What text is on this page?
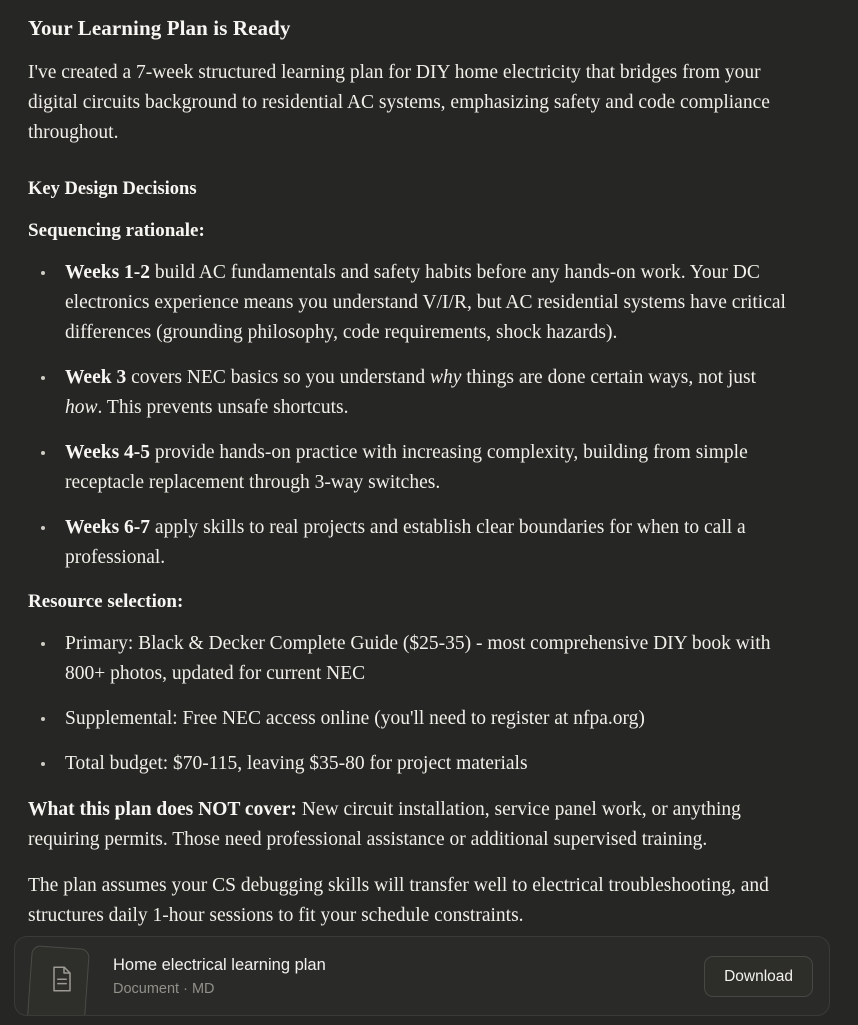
Your Learning Plan is Ready

I've created a 7-week structured learning plan for DIY home electricity that bridges from your digital circuits background to residential AC systems, emphasizing safety and code compliance throughout.

Key Design Decisions

Sequencing rationale:

Weeks 1-2 build AC fundamentals and safety habits before any hands-on work. Your DC electronics experience means you understand V/I/R, but AC residential systems have critical differences (grounding philosophy, code requirements, shock hazards).
Week 3 covers NEC basics so you understand why things are done certain ways, not just how. This prevents unsafe shortcuts.
Weeks 4-5 provide hands-on practice with increasing complexity, building from simple receptacle replacement through 3-way switches.
Weeks 6-7 apply skills to real projects and establish clear boundaries for when to call a professional.

Resource selection:

Primary: Black & Decker Complete Guide ($25-35) - most comprehensive DIY book with 800+ photos, updated for current NEC
Supplemental: Free NEC access online (you'll need to register at nfpa.org)
Total budget: $70-115, leaving $35-80 for project materials

What this plan does NOT cover: New circuit installation, service panel work, or anything requiring permits. Those need professional assistance or additional supervised training.

The plan assumes your CS debugging skills will transfer well to electrical troubleshooting, and structures daily 1-hour sessions to fit your schedule constraints.

Home electrical learning plan
Document · MD
Download
